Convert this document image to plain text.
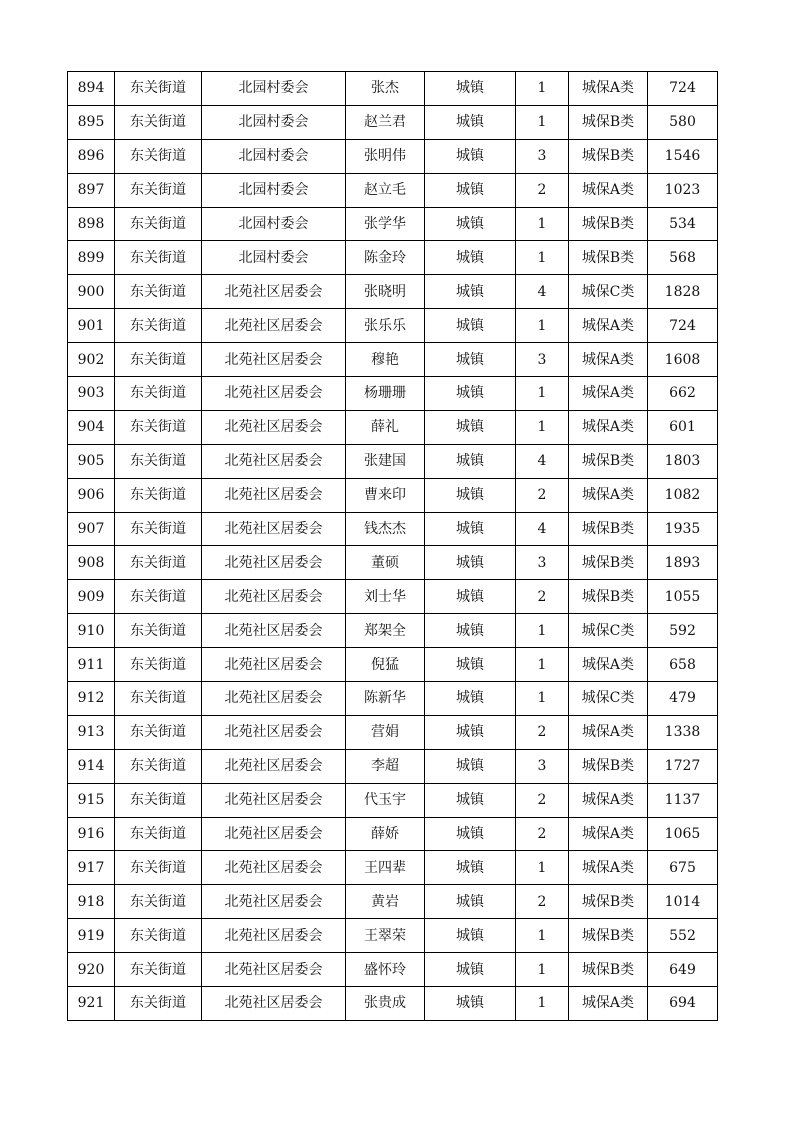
894	东关街道	北园村委会	张杰	城镇	1	城保A类	724
895	东关街道	北园村委会	赵兰君	城镇	1	城保B类	580
896	东关街道	北园村委会	张明伟	城镇	3	城保B类	1546
897	东关街道	北园村委会	赵立毛	城镇	2	城保A类	1023
898	东关街道	北园村委会	张学华	城镇	1	城保B类	534
899	东关街道	北园村委会	陈金玲	城镇	1	城保B类	568
900	东关街道	北苑社区居委会	张晓明	城镇	4	城保C类	1828
901	东关街道	北苑社区居委会	张乐乐	城镇	1	城保A类	724
902	东关街道	北苑社区居委会	穆艳	城镇	3	城保A类	1608
903	东关街道	北苑社区居委会	杨珊珊	城镇	1	城保A类	662
904	东关街道	北苑社区居委会	薛礼	城镇	1	城保A类	601
905	东关街道	北苑社区居委会	张建国	城镇	4	城保B类	1803
906	东关街道	北苑社区居委会	曹来印	城镇	2	城保A类	1082
907	东关街道	北苑社区居委会	钱杰杰	城镇	4	城保B类	1935
908	东关街道	北苑社区居委会	董硕	城镇	3	城保B类	1893
909	东关街道	北苑社区居委会	刘士华	城镇	2	城保B类	1055
910	东关街道	北苑社区居委会	郑架全	城镇	1	城保C类	592
911	东关街道	北苑社区居委会	倪猛	城镇	1	城保A类	658
912	东关街道	北苑社区居委会	陈新华	城镇	1	城保C类	479
913	东关街道	北苑社区居委会	营娟	城镇	2	城保A类	1338
914	东关街道	北苑社区居委会	李超	城镇	3	城保B类	1727
915	东关街道	北苑社区居委会	代玉宇	城镇	2	城保A类	1137
916	东关街道	北苑社区居委会	薛娇	城镇	2	城保A类	1065
917	东关街道	北苑社区居委会	王四辈	城镇	1	城保A类	675
918	东关街道	北苑社区居委会	黄岩	城镇	2	城保B类	1014
919	东关街道	北苑社区居委会	王翠荣	城镇	1	城保B类	552
920	东关街道	北苑社区居委会	盛怀玲	城镇	1	城保B类	649
921	东关街道	北苑社区居委会	张贵成	城镇	1	城保A类	694
